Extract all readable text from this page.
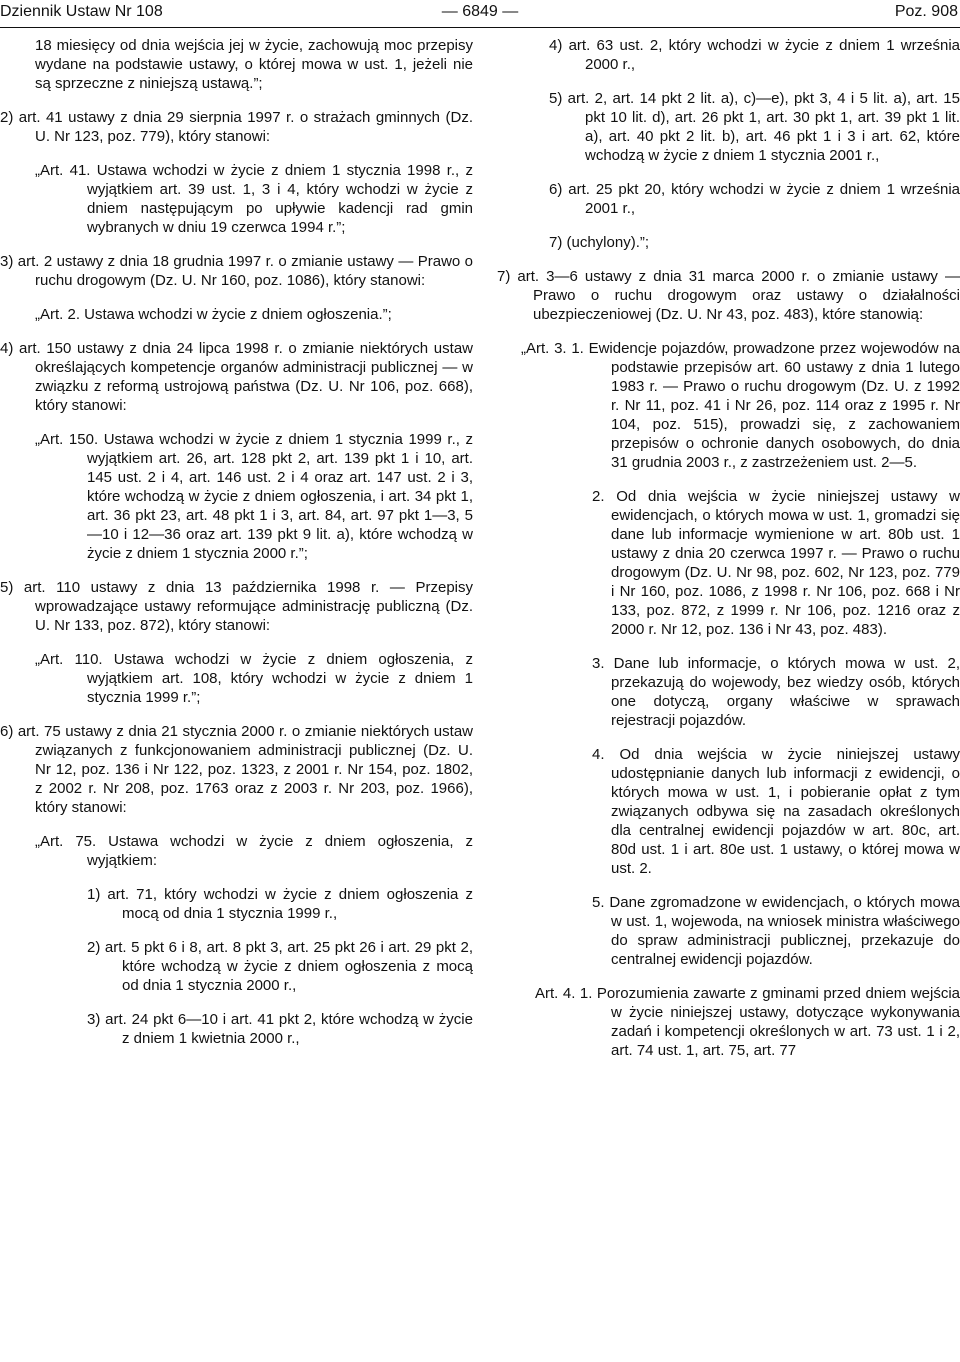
Dziennik Ustaw Nr 108	— 6849 —	Poz. 908

18 miesięcy od dnia wejścia jej w życie, zachowują moc przepisy wydane na podstawie ustawy, o której mowa w ust. 1, jeżeli nie są sprzeczne z niniejszą ustawą.”;

2) art. 41 ustawy z dnia 29 sierpnia 1997 r. o strażach gminnych (Dz. U. Nr 123, poz. 779), który stanowi:

„Art. 41. Ustawa wchodzi w życie z dniem 1 stycznia 1998 r., z wyjątkiem art. 39 ust. 1, 3 i 4, który wchodzi w życie z dniem następującym po upływie kadencji rad gmin wybranych w dniu 19 czerwca 1994 r.”;

3) art. 2 ustawy z dnia 18 grudnia 1997 r. o zmianie ustawy — Prawo o ruchu drogowym (Dz. U. Nr 160, poz. 1086), który stanowi:

„Art. 2. Ustawa wchodzi w życie z dniem ogłoszenia.”;

4) art. 150 ustawy z dnia 24 lipca 1998 r. o zmianie niektórych ustaw określających kompetencje organów administracji publicznej — w związku z reformą ustrojową państwa (Dz. U. Nr 106, poz. 668), który stanowi:

„Art. 150. Ustawa wchodzi w życie z dniem 1 stycznia 1999 r., z wyjątkiem art. 26, art. 128 pkt 2, art. 139 pkt 1 i 10, art. 145 ust. 2 i 4, art. 146 ust. 2 i 4 oraz art. 147 ust. 2 i 3, które wchodzą w życie z dniem ogłoszenia, i art. 34 pkt 1, art. 36 pkt 23, art. 48 pkt 1 i 3, art. 84, art. 97 pkt 1—3, 5—10 i 12—36 oraz art. 139 pkt 9 lit. a), które wchodzą w życie z dniem 1 stycznia 2000 r.”;

5) art. 110 ustawy z dnia 13 października 1998 r. — Przepisy wprowadzające ustawy reformujące administrację publiczną (Dz. U. Nr 133, poz. 872), który stanowi:

„Art. 110. Ustawa wchodzi w życie z dniem ogłoszenia, z wyjątkiem art. 108, który wchodzi w życie z dniem 1 stycznia 1999 r.”;

6) art. 75 ustawy z dnia 21 stycznia 2000 r. o zmianie niektórych ustaw związanych z funkcjonowaniem administracji publicznej (Dz. U. Nr 12, poz. 136 i Nr 122, poz. 1323, z 2001 r. Nr 154, poz. 1802, z 2002 r. Nr 208, poz. 1763 oraz z 2003 r. Nr 203, poz. 1966), który stanowi:

„Art. 75. Ustawa wchodzi w życie z dniem ogłoszenia, z wyjątkiem:

1) art. 71, który wchodzi w życie z dniem ogłoszenia z mocą od dnia 1 stycznia 1999 r.,

2) art. 5 pkt 6 i 8, art. 8 pkt 3, art. 25 pkt 26 i art. 29 pkt 2, które wchodzą w życie z dniem ogłoszenia z mocą od dnia 1 stycznia 2000 r.,

3) art. 24 pkt 6—10 i art. 41 pkt 2, które wchodzą w życie z dniem 1 kwietnia 2000 r.,

4) art. 63 ust. 2, który wchodzi w życie z dniem 1 września 2000 r.,

5) art. 2, art. 14 pkt 2 lit. a), c)—e), pkt 3, 4 i 5 lit. a), art. 15 pkt 10 lit. d), art. 26 pkt 1, art. 30 pkt 1, art. 39 pkt 1 lit. a), art. 40 pkt 2 lit. b), art. 46 pkt 1 i 3 i art. 62, które wchodzą w życie z dniem 1 stycznia 2001 r.,

6) art. 25 pkt 20, który wchodzi w życie z dniem 1 września 2001 r.,

7) (uchylony).”;

7) art. 3—6 ustawy z dnia 31 marca 2000 r. o zmianie ustawy — Prawo o ruchu drogowym oraz ustawy o działalności ubezpieczeniowej (Dz. U. Nr 43, poz. 483), które stanowią:

„Art. 3. 1. Ewidencje pojazdów, prowadzone przez wojewodów na podstawie przepisów art. 60 ustawy z dnia 1 lutego 1983 r. — Prawo o ruchu drogowym (Dz. U. z 1992 r. Nr 11, poz. 41 i Nr 26, poz. 114 oraz z 1995 r. Nr 104, poz. 515), prowadzi się, z zachowaniem przepisów o ochronie danych osobowych, do dnia 31 grudnia 2003 r., z zastrzeżeniem ust. 2—5.

2. Od dnia wejścia w życie niniejszej ustawy w ewidencjach, o których mowa w ust. 1, gromadzi się dane lub informacje wymienione w art. 80b ust. 1 ustawy z dnia 20 czerwca 1997 r. — Prawo o ruchu drogowym (Dz. U. Nr 98, poz. 602, Nr 123, poz. 779 i Nr 160, poz. 1086, z 1998 r. Nr 106, poz. 668 i Nr 133, poz. 872, z 1999 r. Nr 106, poz. 1216 oraz z 2000 r. Nr 12, poz. 136 i Nr 43, poz. 483).

3. Dane lub informacje, o których mowa w ust. 2, przekazują do wojewody, bez wiedzy osób, których one dotyczą, organy właściwe w sprawach rejestracji pojazdów.

4. Od dnia wejścia w życie niniejszej ustawy udostępnianie danych lub informacji z ewidencji, o których mowa w ust. 1, i pobieranie opłat z tym związanych odbywa się na zasadach określonych dla centralnej ewidencji pojazdów w art. 80c, art. 80d ust. 1 i art. 80e ust. 1 ustawy, o której mowa w ust. 2.

5. Dane zgromadzone w ewidencjach, o których mowa w ust. 1, wojewoda, na wniosek ministra właściwego do spraw administracji publicznej, przekazuje do centralnej ewidencji pojazdów.

Art. 4. 1. Porozumienia zawarte z gminami przed dniem wejścia w życie niniejszej ustawy, dotyczące wykonywania zadań i kompetencji określonych w art. 73 ust. 1 i 2, art. 74 ust. 1, art. 75, art. 77
